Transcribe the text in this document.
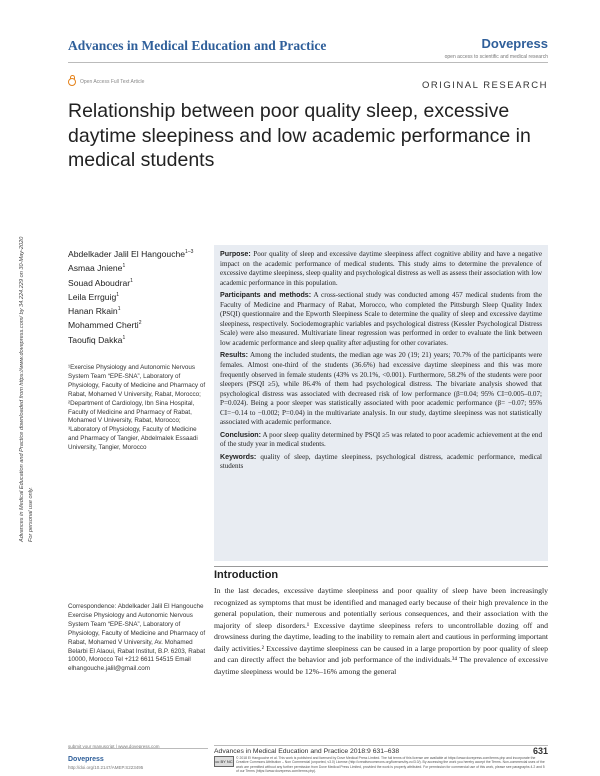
Advances in Medical Education and Practice	Dovepress
open access to scientific and medical research
Open Access Full Text Article	ORIGINAL RESEARCH
Relationship between poor quality sleep, excessive daytime sleepiness and low academic performance in medical students
Advances in Medical Education and Practice downloaded from https://www.dovepress.com/ by 34.224.229 on 30-May-2020 For personal use only.
Abdelkader Jalil El Hangouche$^{1-3}$
Asmaa Jniene$^1$
Souad Aboudrar$^1$
Leila Errguig$^1$
Hanan Rkain$^1$
Mohammed Cherti$^2$
Taoufiq Dakka$^1$
¹Exercise Physiology and Autonomic Nervous System Team “EPE-SNA”, Laboratory of Physiology, Faculty of Medicine and Pharmacy of Rabat, Mohamed V University, Rabat, Morocco; ²Department of Cardiology, Ibn Sina Hospital, Faculty of Medicine and Pharmacy of Rabat, Mohamed V University, Rabat, Morocco; ³Laboratory of Physiology, Faculty of Medicine and Pharmacy of Tangier, Abdelmalek Essaadi University, Tangier, Morocco
Correspondence: Abdelkader Jalil El Hangouche Exercise Physiology and Autonomic Nervous System Team “EPE-SNA”, Laboratory of Physiology, Faculty of Medicine and Pharmacy of Rabat, Mohamed V University, Av. Mohamed Belarbi El Alaoui, Rabat Institut, B.P. 6203, Rabat 10000, Morocco Tel +212 6611 54515 Email elhangouche.jalil@gmail.com

Purpose: Poor quality of sleep and excessive daytime sleepiness affect cognitive ability and have a negative impact on the academic performance of medical students. This study aims to determine the prevalence of excessive daytime sleepiness, sleep quality and psychological distress as well as assess their association with low academic performance in this population.

Participants and methods: A cross-sectional study was conducted among 457 medical students from the Faculty of Medicine and Pharmacy of Rabat, Morocco, who completed the Pittsburgh Sleep Quality Index (PSQI) questionnaire and the Epworth Sleepiness Scale to determine the quality of sleep and excessive daytime sleepiness, respectively. Sociodemographic variables and psychological distress (Kessler Psychological Distress Scale) were also measured. Multivariate linear regression was performed in order to evaluate the link between low academic performance and sleep quality after adjusting for other covariates.

Results: Among the included students, the median age was 20 (19; 21) years; 70.7% of the participants were females. Almost one-third of the students (36.6%) had excessive daytime sleepiness and this was more frequently observed in female students (43% vs 20.1%, <0.001). Furthermore, 58.2% of the students were poor sleepers (PSQI ≥5), while 86.4% of them had psychological distress. The bivariate analysis showed that psychological distress was associated with decreased risk of low performance (β=0.04; 95% CI=0.005–0.07; P=0.024). Being a poor sleeper was statistically associated with poor academic performance (β= −0.07; 95% CI=−0.14 to −0.002; P=0.04) in the multivariate analysis. In our study, daytime sleepiness was not statistically associated with academic performance.

Conclusion: A poor sleep quality determined by PSQI ≥5 was related to poor academic achievement at the end of the study year in medical students.

Keywords: quality of sleep, daytime sleepiness, psychological distress, academic performance, medical students

Introduction
In the last decades, excessive daytime sleepiness and poor quality of sleep have been increasingly recognized as symptoms that must be identified and managed early because of their high prevalence in the general population, their numerous and potentially serious consequences, and their association with the majority of sleep disorders.¹ Excessive daytime sleepiness refers to uncontrollable dozing off and drowsiness during the daytime, leading to the inability to remain alert and cautious in performing important daily activities.² Excessive daytime sleepiness can be caused in a large proportion by poor quality of sleep and can directly affect the behavior and job performance of the individuals.³⁴ The prevalence of excessive daytime sleepiness would be 12%–16% among the general
submit your manuscript | www.dovepress.com
Dovepress
http://doi.org/10.2147/AMEP.S223495
Advances in Medical Education and Practice 2018:9 631–638	631
cc BY NC
© 2018 El Hangouche et al. This work is published and licensed by Dove Medical Press Limited. The full terms of this license are available at https://www.dovepress.com/terms.php and incorporate the Creative Commons Attribution – Non Commercial (unported, v3.0) License (http://creativecommons.org/licenses/by-nc/3.0/). By accessing the work you hereby accept the Terms. Non-commercial uses of the work are permitted without any further permission from Dove Medical Press Limited, provided the work is properly attributed. For permission for commercial use of this work, please see paragraphs 4.2 and 5 of our Terms (https://www.dovepress.com/terms.php).
